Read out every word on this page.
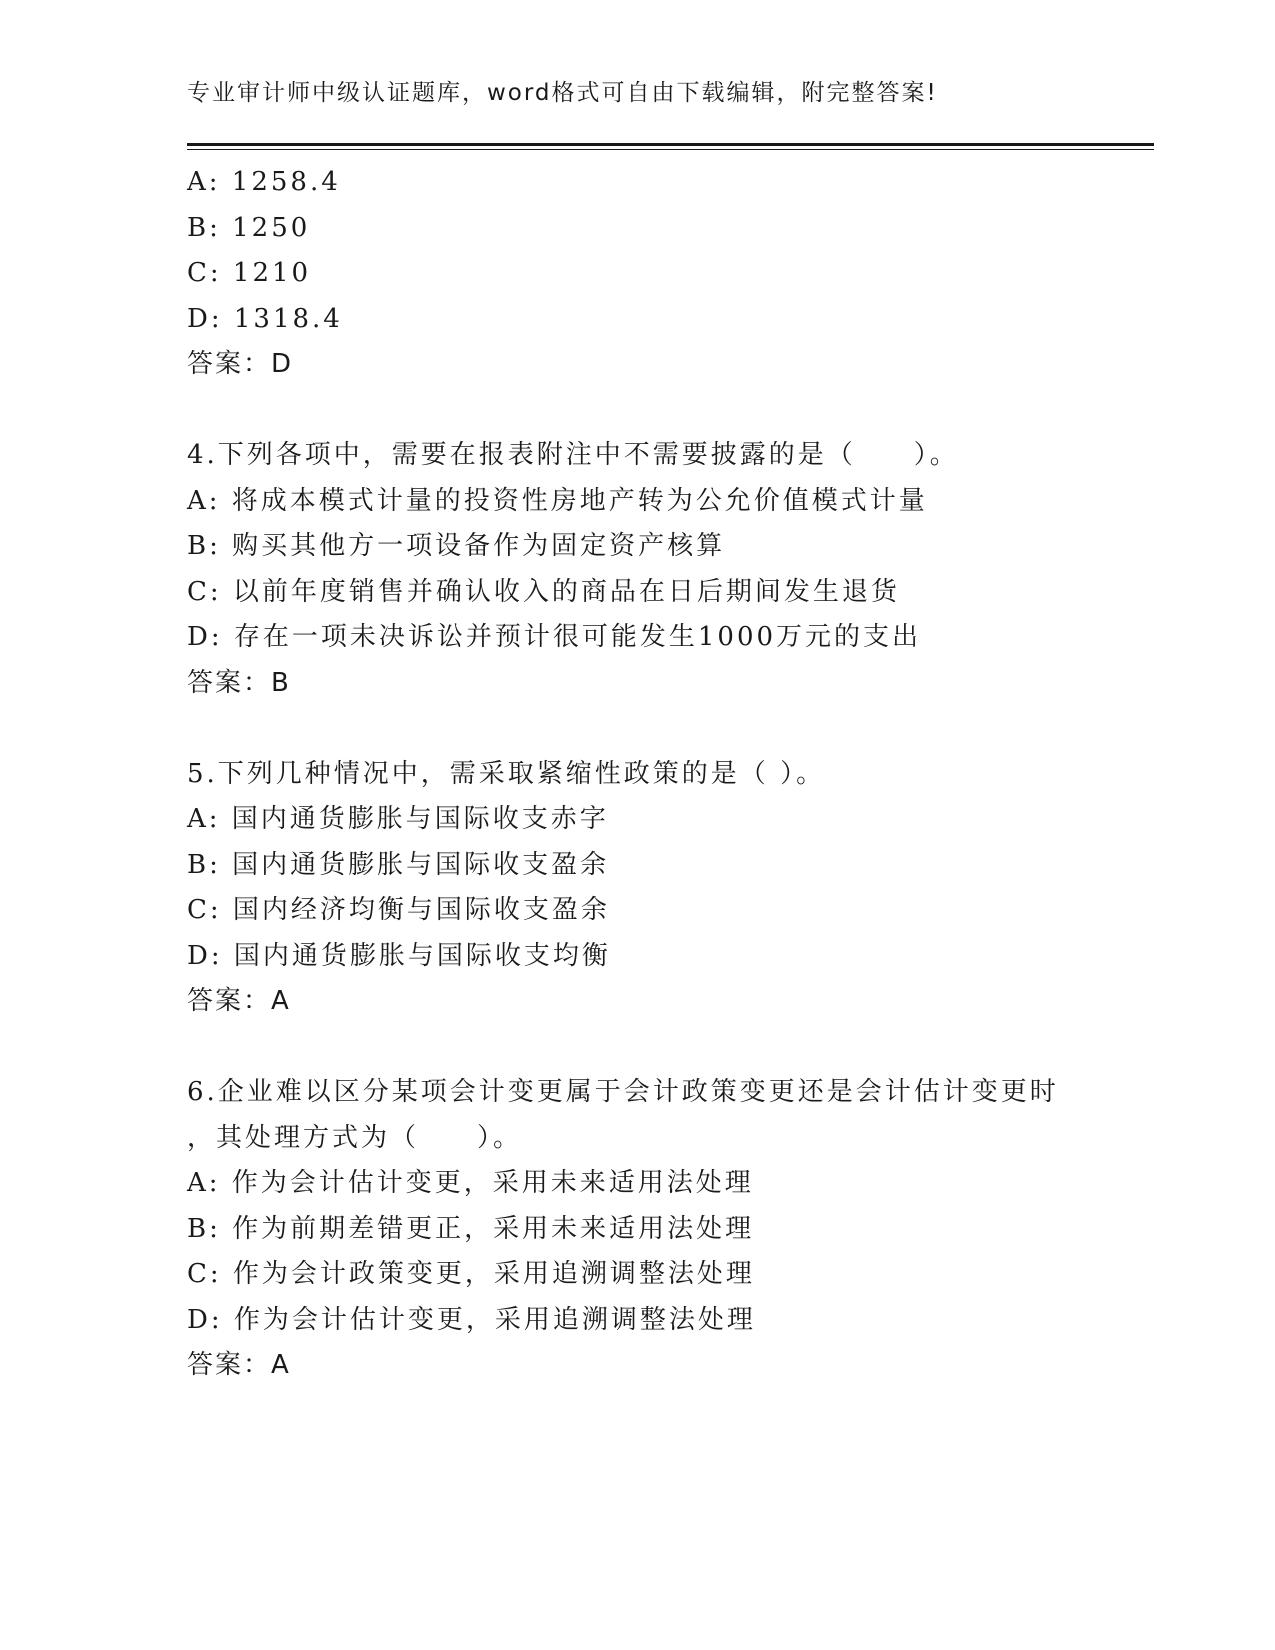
专业审计师中级认证题库，word格式可自由下载编辑，附完整答案!
A: 1258.4
B: 1250
C: 1210
D: 1318.4
答案：D
4.下列各项中，需要在报表附注中不需要披露的是（　　）。
A: 将成本模式计量的投资性房地产转为公允价值模式计量
B: 购买其他方一项设备作为固定资产核算
C: 以前年度销售并确认收入的商品在日后期间发生退货
D: 存在一项未决诉讼并预计很可能发生1000万元的支出
答案：B
5.下列几种情况中，需采取紧缩性政策的是（ ）。
A: 国内通货膨胀与国际收支赤字
B: 国内通货膨胀与国际收支盈余
C: 国内经济均衡与国际收支盈余
D: 国内通货膨胀与国际收支均衡
答案：A
6.企业难以区分某项会计变更属于会计政策变更还是会计估计变更时
，其处理方式为（　　）。
A: 作为会计估计变更，采用未来适用法处理
B: 作为前期差错更正，采用未来适用法处理
C: 作为会计政策变更，采用追溯调整法处理
D: 作为会计估计变更，采用追溯调整法处理
答案：A
